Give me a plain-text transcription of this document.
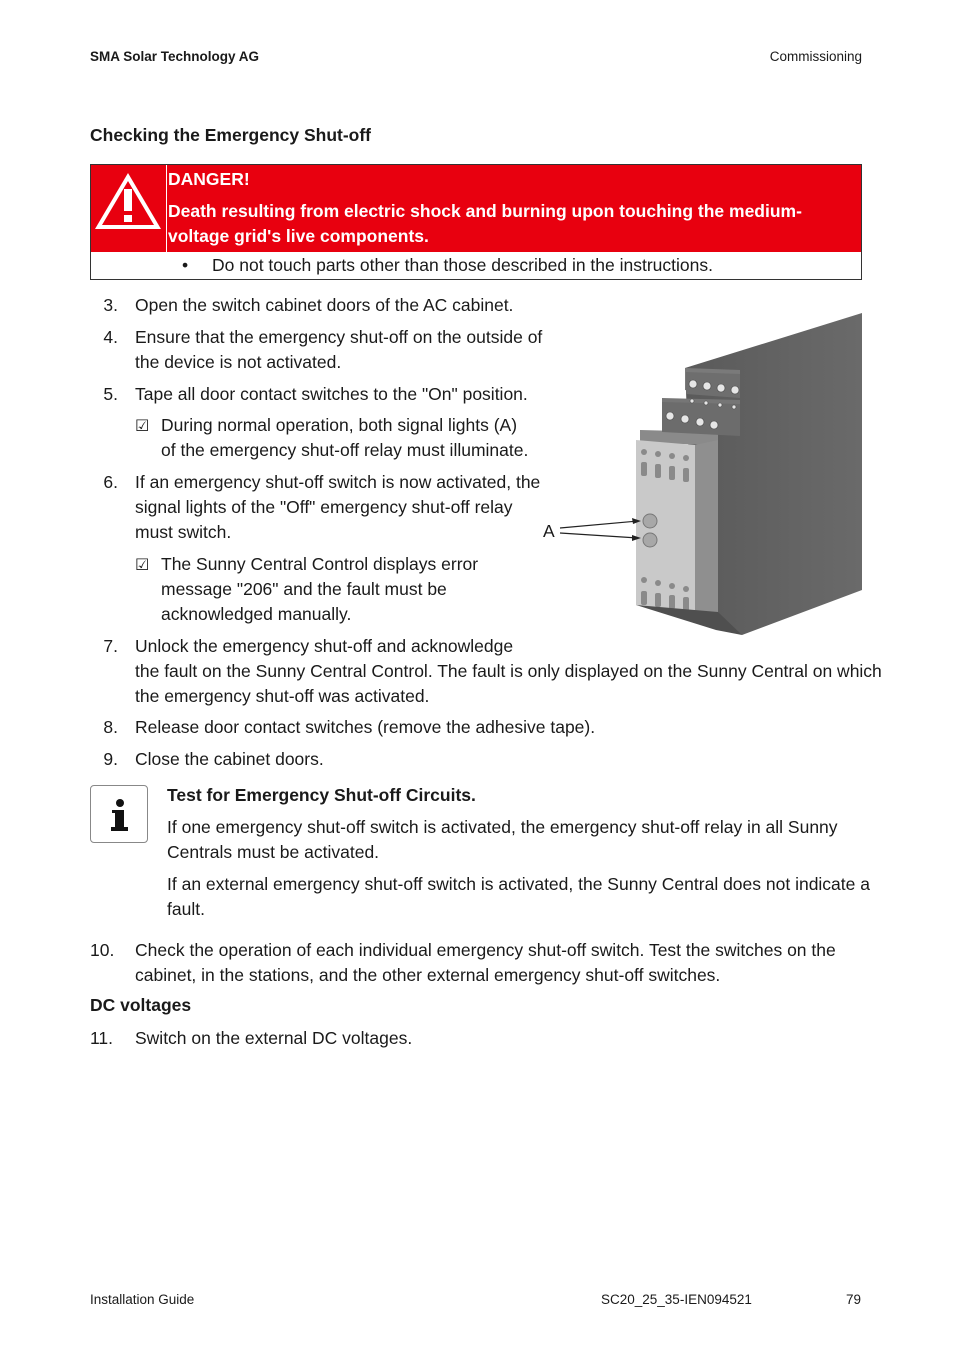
SMA Solar Technology AG	Commissioning
Checking the Emergency Shut-off
DANGER!
Death resulting from electric shock and burning upon touching the medium-
voltage grid's live components.
• Do not touch parts other than those described in the instructions.
3. Open the switch cabinet doors of the AC cabinet.
4. Ensure that the emergency shut-off on the outside of
the device is not activated.
5. Tape all door contact switches to the "On" position.
☑ During normal operation, both signal lights (A)
of the emergency shut-off relay must illuminate.
6. If an emergency shut-off switch is now activated, the
signal lights of the "Off" emergency shut-off relay
must switch.
☑ The Sunny Central Control displays error
message "206" and the fault must be
acknowledged manually.
A
7. Unlock the emergency shut-off and acknowledge
the fault on the Sunny Central Control. The fault is only displayed on the Sunny Central on which
the emergency shut-off was activated.
8. Release door contact switches (remove the adhesive tape).
9. Close the cabinet doors.
Test for Emergency Shut-off Circuits.
If one emergency shut-off switch is activated, the emergency shut-off relay in all Sunny
Centrals must be activated.
If an external emergency shut-off switch is activated, the Sunny Central does not indicate a
fault.
10. Check the operation of each individual emergency shut-off switch. Test the switches on the
cabinet, in the stations, and the other external emergency shut-off switches.
DC voltages
11. Switch on the external DC voltages.
Installation Guide	SC20_25_35-IEN094521	79
